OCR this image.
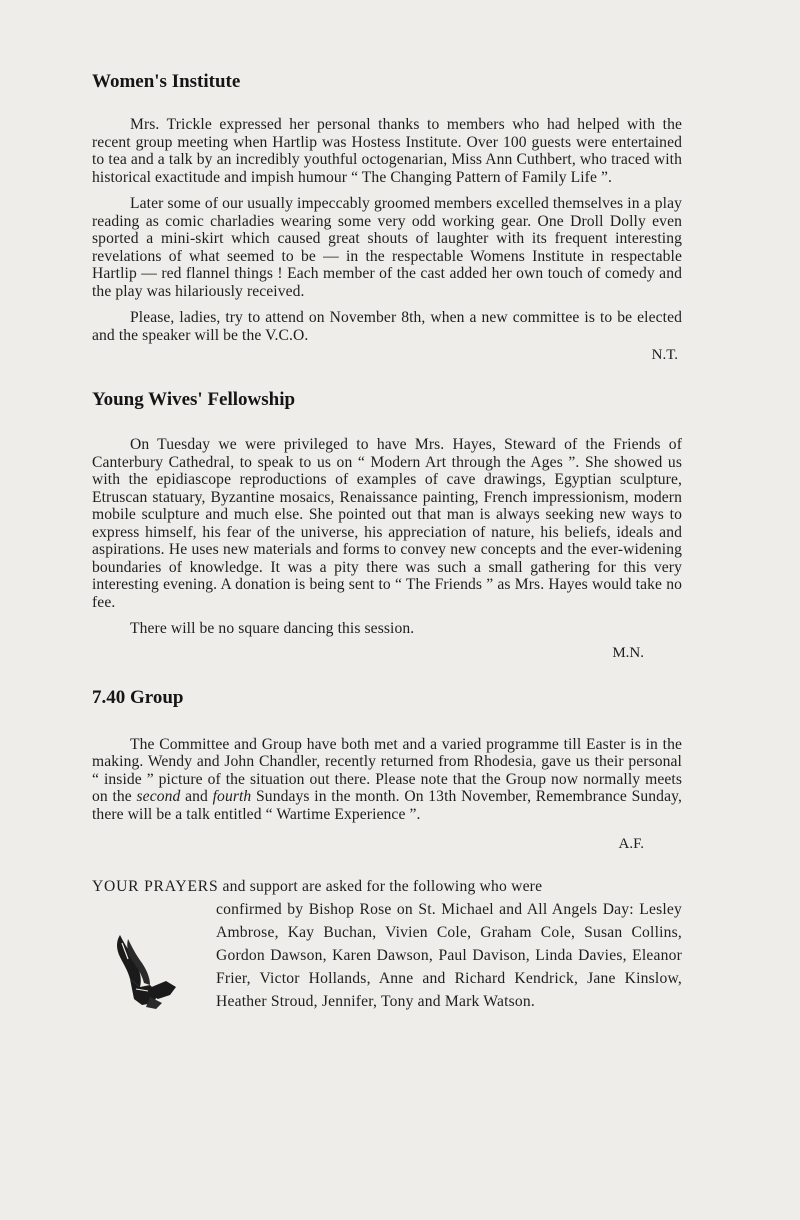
Women's Institute

Mrs. Trickle expressed her personal thanks to members who had helped with the recent group meeting when Hartlip was Hostess Institute. Over 100 guests were entertained to tea and a talk by an incredibly youthful octogenarian, Miss Ann Cuthbert, who traced with historical exactitude and impish humour “ The Changing Pattern of Family Life ”.

Later some of our usually impeccably groomed members excelled themselves in a play reading as comic charladies wearing some very odd working gear. One Droll Dolly even sported a mini-skirt which caused great shouts of laughter with its frequent interesting revelations of what seemed to be — in the respectable Womens Institute in respectable Hartlip — red flannel things ! Each member of the cast added her own touch of comedy and the play was hilariously received.

Please, ladies, try to attend on November 8th, when a new committee is to be elected and the speaker will be the V.C.O.

N.T.
Young Wives' Fellowship

On Tuesday we were privileged to have Mrs. Hayes, Steward of the Friends of Canterbury Cathedral, to speak to us on “ Modern Art through the Ages ”. She showed us with the epidiascope reproductions of examples of cave drawings, Egyptian sculpture, Etruscan statuary, Byzantine mosaics, Renaissance painting, French impressionism, modern mobile sculpture and much else. She pointed out that man is always seeking new ways to express himself, his fear of the universe, his appreciation of nature, his beliefs, ideals and aspirations. He uses new materials and forms to convey new concepts and the ever-widening boundaries of knowledge. It was a pity there was such a small gathering for this very interesting evening. A donation is being sent to “ The Friends ” as Mrs. Hayes would take no fee.

There will be no square dancing this session.

M.N.
7.40 Group

The Committee and Group have both met and a varied programme till Easter is in the making. Wendy and John Chandler, recently returned from Rhodesia, gave us their personal “ inside ” picture of the situation out there. Please note that the Group now normally meets on the second and fourth Sundays in the month. On 13th November, Remembrance Sunday, there will be a talk entitled “ Wartime Experience ”.

A.F.
YOUR PRAYERS and support are asked for the following who were
confirmed by Bishop Rose on St. Michael and All Angels Day: Lesley Ambrose, Kay Buchan, Vivien Cole, Graham Cole, Susan Collins, Gordon Dawson, Karen Dawson, Paul Davison, Linda Davies, Eleanor Frier, Victor Hollands, Anne and Richard Kendrick, Jane Kinslow, Heather Stroud, Jennifer, Tony and Mark Watson.
